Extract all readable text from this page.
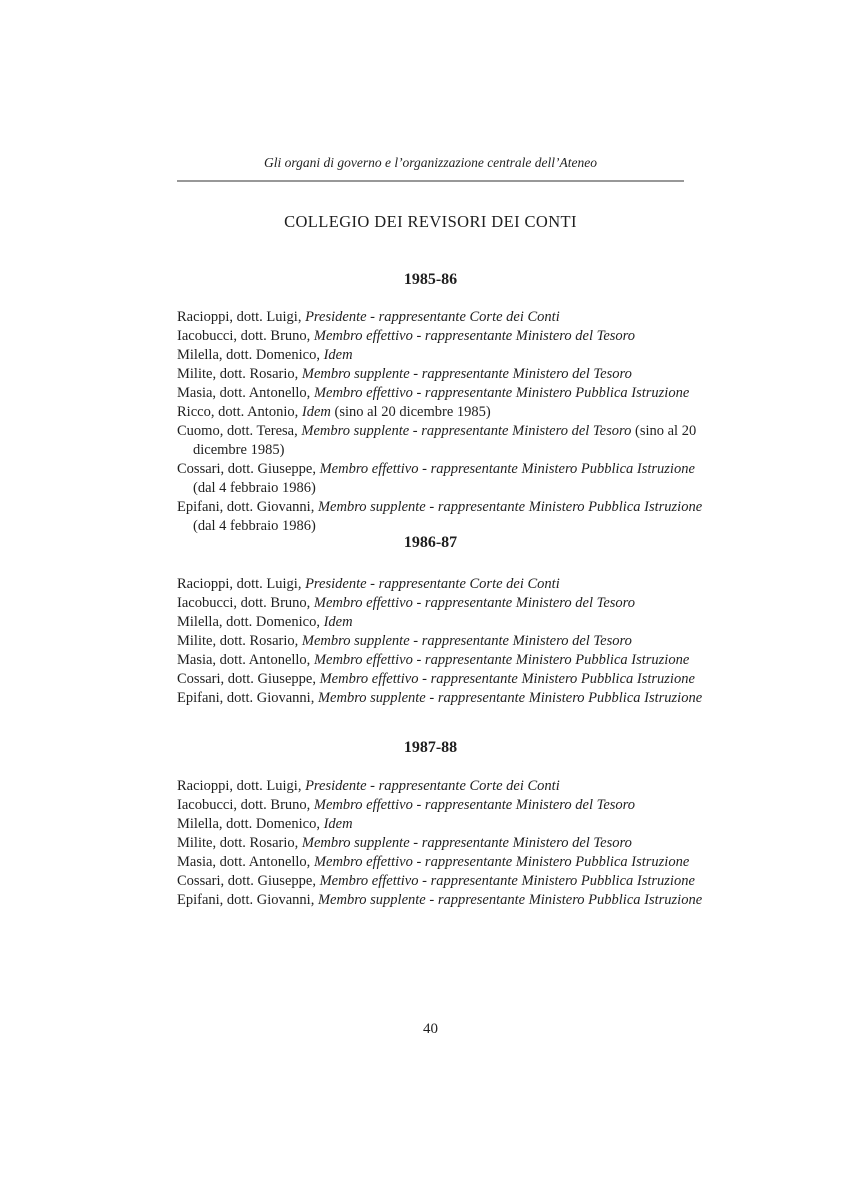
Gli organi di governo e l’organizzazione centrale dell’Ateneo
COLLEGIO DEI REVISORI DEI CONTI
1985-86
Racioppi, dott. Luigi, Presidente - rappresentante Corte dei Conti
Iacobucci, dott. Bruno, Membro effettivo - rappresentante Ministero del Tesoro
Milella, dott. Domenico, Idem
Milite, dott. Rosario, Membro supplente - rappresentante Ministero del Tesoro
Masia, dott. Antonello, Membro effettivo - rappresentante Ministero Pubblica Istruzione
Ricco, dott. Antonio, Idem (sino al 20 dicembre 1985)
Cuomo, dott. Teresa, Membro supplente - rappresentante Ministero del Tesoro (sino al 20
dicembre 1985)
Cossari, dott. Giuseppe, Membro effettivo - rappresentante Ministero Pubblica Istruzione
(dal 4 febbraio 1986)
Epifani, dott. Giovanni, Membro supplente - rappresentante Ministero Pubblica Istruzione
(dal 4 febbraio 1986)
1986-87
Racioppi, dott. Luigi, Presidente - rappresentante Corte dei Conti
Iacobucci, dott. Bruno, Membro effettivo - rappresentante Ministero del Tesoro
Milella, dott. Domenico, Idem
Milite, dott. Rosario, Membro supplente - rappresentante Ministero del Tesoro
Masia, dott. Antonello, Membro effettivo - rappresentante Ministero Pubblica Istruzione
Cossari, dott. Giuseppe, Membro effettivo - rappresentante Ministero Pubblica Istruzione
Epifani, dott. Giovanni, Membro supplente - rappresentante Ministero Pubblica Istruzione
1987-88
Racioppi, dott. Luigi, Presidente - rappresentante Corte dei Conti
Iacobucci, dott. Bruno, Membro effettivo - rappresentante Ministero del Tesoro
Milella, dott. Domenico, Idem
Milite, dott. Rosario, Membro supplente - rappresentante Ministero del Tesoro
Masia, dott. Antonello, Membro effettivo - rappresentante Ministero Pubblica Istruzione
Cossari, dott. Giuseppe, Membro effettivo - rappresentante Ministero Pubblica Istruzione
Epifani, dott. Giovanni, Membro supplente - rappresentante Ministero Pubblica Istruzione
40
